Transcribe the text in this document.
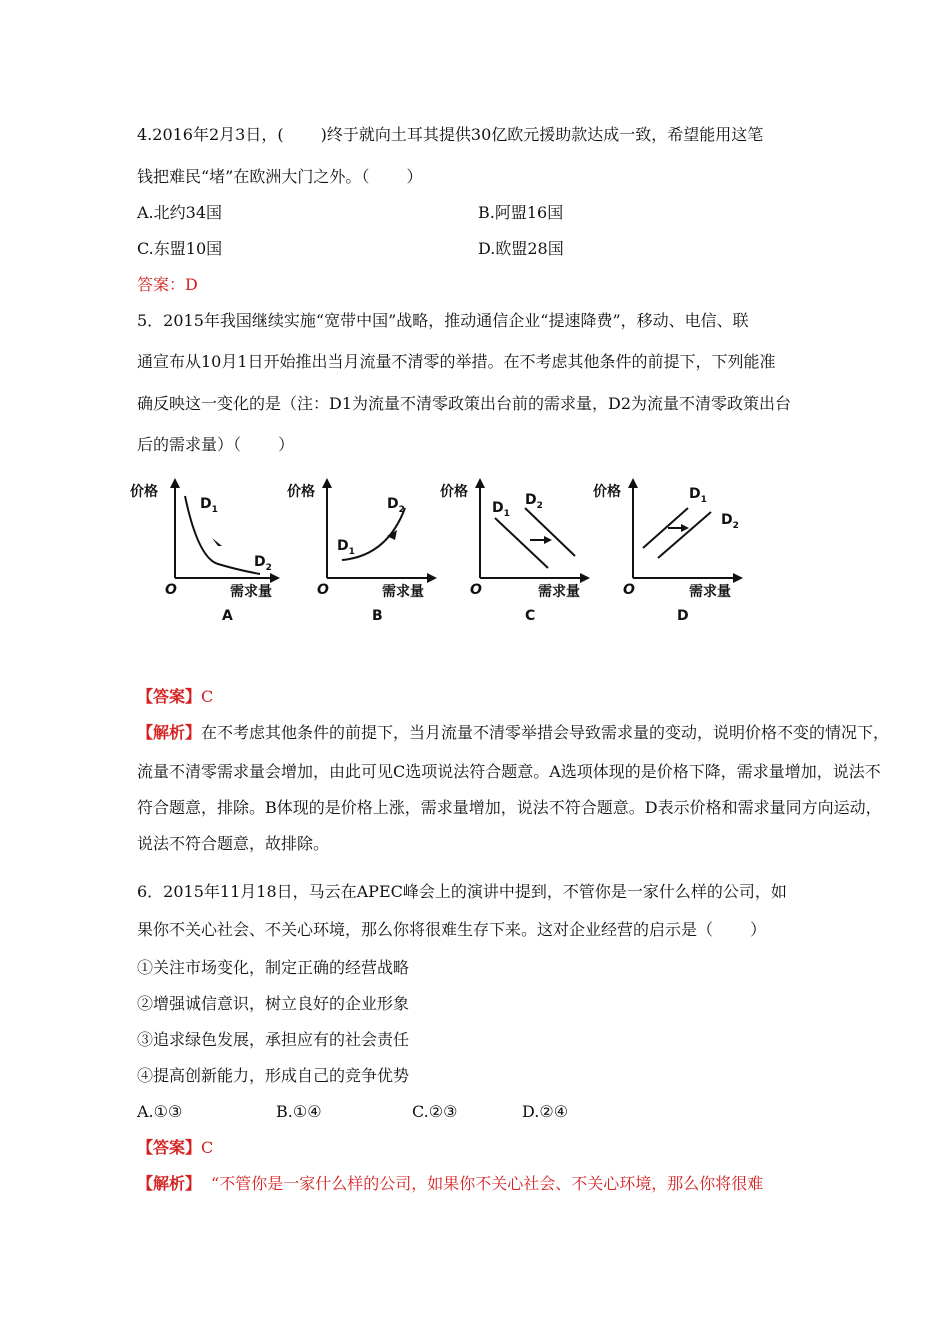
4.2016年2月3日，(　　 )终于就向土耳其提供30亿欧元援助款达成一致，希望能用这笔
钱把难民“堵”在欧洲大门之外。（　　 ）
A.北约34国	B.阿盟16国
C.东盟10国	D.欧盟28国
答案：D
5．2015年我国继续实施“宽带中国”战略，推动通信企业“提速降费”，移动、电信、联
通宣布从10月1日开始推出当月流量不清零的举措。在不考虑其他条件的前提下，下列能准
确反映这一变化的是（注：D1为流量不清零政策出台前的需求量，D2为流量不清零政策出台
后的需求量）（　　 ）
价格
需求量
O
$D_1$
$D_2$
A
价格
需求量
O
$D_1$
$D_2$
B
价格
需求量
O
$D_1$
$D_2$
C
价格
需求量
O
$D_1$
$D_2$
D
【答案】C
【解析】在不考虑其他条件的前提下，当月流量不清零举措会导致需求量的变动，说明价格不变的情况下，
流量不清零需求量会增加，由此可见C选项说法符合题意。A选项体现的是价格下降，需求量增加，说法不
符合题意，排除。B体现的是价格上涨，需求量增加，说法不符合题意。D表示价格和需求量同方向运动，
说法不符合题意，故排除。
6．2015年11月18日，马云在APEC峰会上的演讲中提到，不管你是一家什么样的公司，如
果你不关心社会、不关心环境，那么你将很难生存下来。这对企业经营的启示是（　　 ）
①关注市场变化，制定正确的经营战略
②增强诚信意识，树立良好的企业形象
③追求绿色发展，承担应有的社会责任
④提高创新能力，形成自己的竞争优势
A.①③	B.①④	C.②③	D.②④
【答案】C
【解析】 “不管你是一家什么样的公司，如果你不关心社会、不关心环境，那么你将很难
